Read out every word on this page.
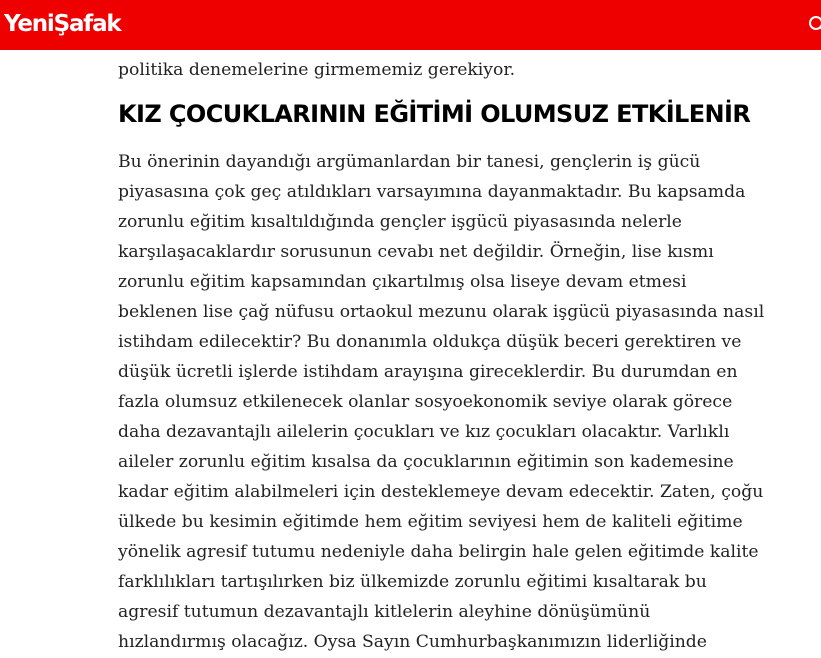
YeniŞafak

politika denemelerine girmememiz gerekiyor.

KIZ ÇOCUKLARININ EĞİTİMİ OLUMSUZ ETKİLENİR

Bu önerinin dayandığı argümanlardan bir tanesi, gençlerin iş gücü
piyasasına çok geç atıldıkları varsayımına dayanmaktadır. Bu kapsamda
zorunlu eğitim kısaltıldığında gençler işgücü piyasasında nelerle
karşılaşacaklardır sorusunun cevabı net değildir. Örneğin, lise kısmı
zorunlu eğitim kapsamından çıkartılmış olsa liseye devam etmesi
beklenen lise çağ nüfusu ortaokul mezunu olarak işgücü piyasasında nasıl
istihdam edilecektir? Bu donanımla oldukça düşük beceri gerektiren ve
düşük ücretli işlerde istihdam arayışına gireceklerdir. Bu durumdan en
fazla olumsuz etkilenecek olanlar sosyoekonomik seviye olarak görece
daha dezavantajlı ailelerin çocukları ve kız çocukları olacaktır. Varlıklı
aileler zorunlu eğitim kısalsa da çocuklarının eğitimin son kademesine
kadar eğitim alabilmeleri için desteklemeye devam edecektir. Zaten, çoğu
ülkede bu kesimin eğitimde hem eğitim seviyesi hem de kaliteli eğitime
yönelik agresif tutumu nedeniyle daha belirgin hale gelen eğitimde kalite
farklılıkları tartışılırken biz ülkemizde zorunlu eğitimi kısaltarak bu
agresif tutumun dezavantajlı kitlelerin aleyhine dönüşümünü
hızlandırmış olacağız. Oysa Sayın Cumhurbaşkanımızın liderliğinde
